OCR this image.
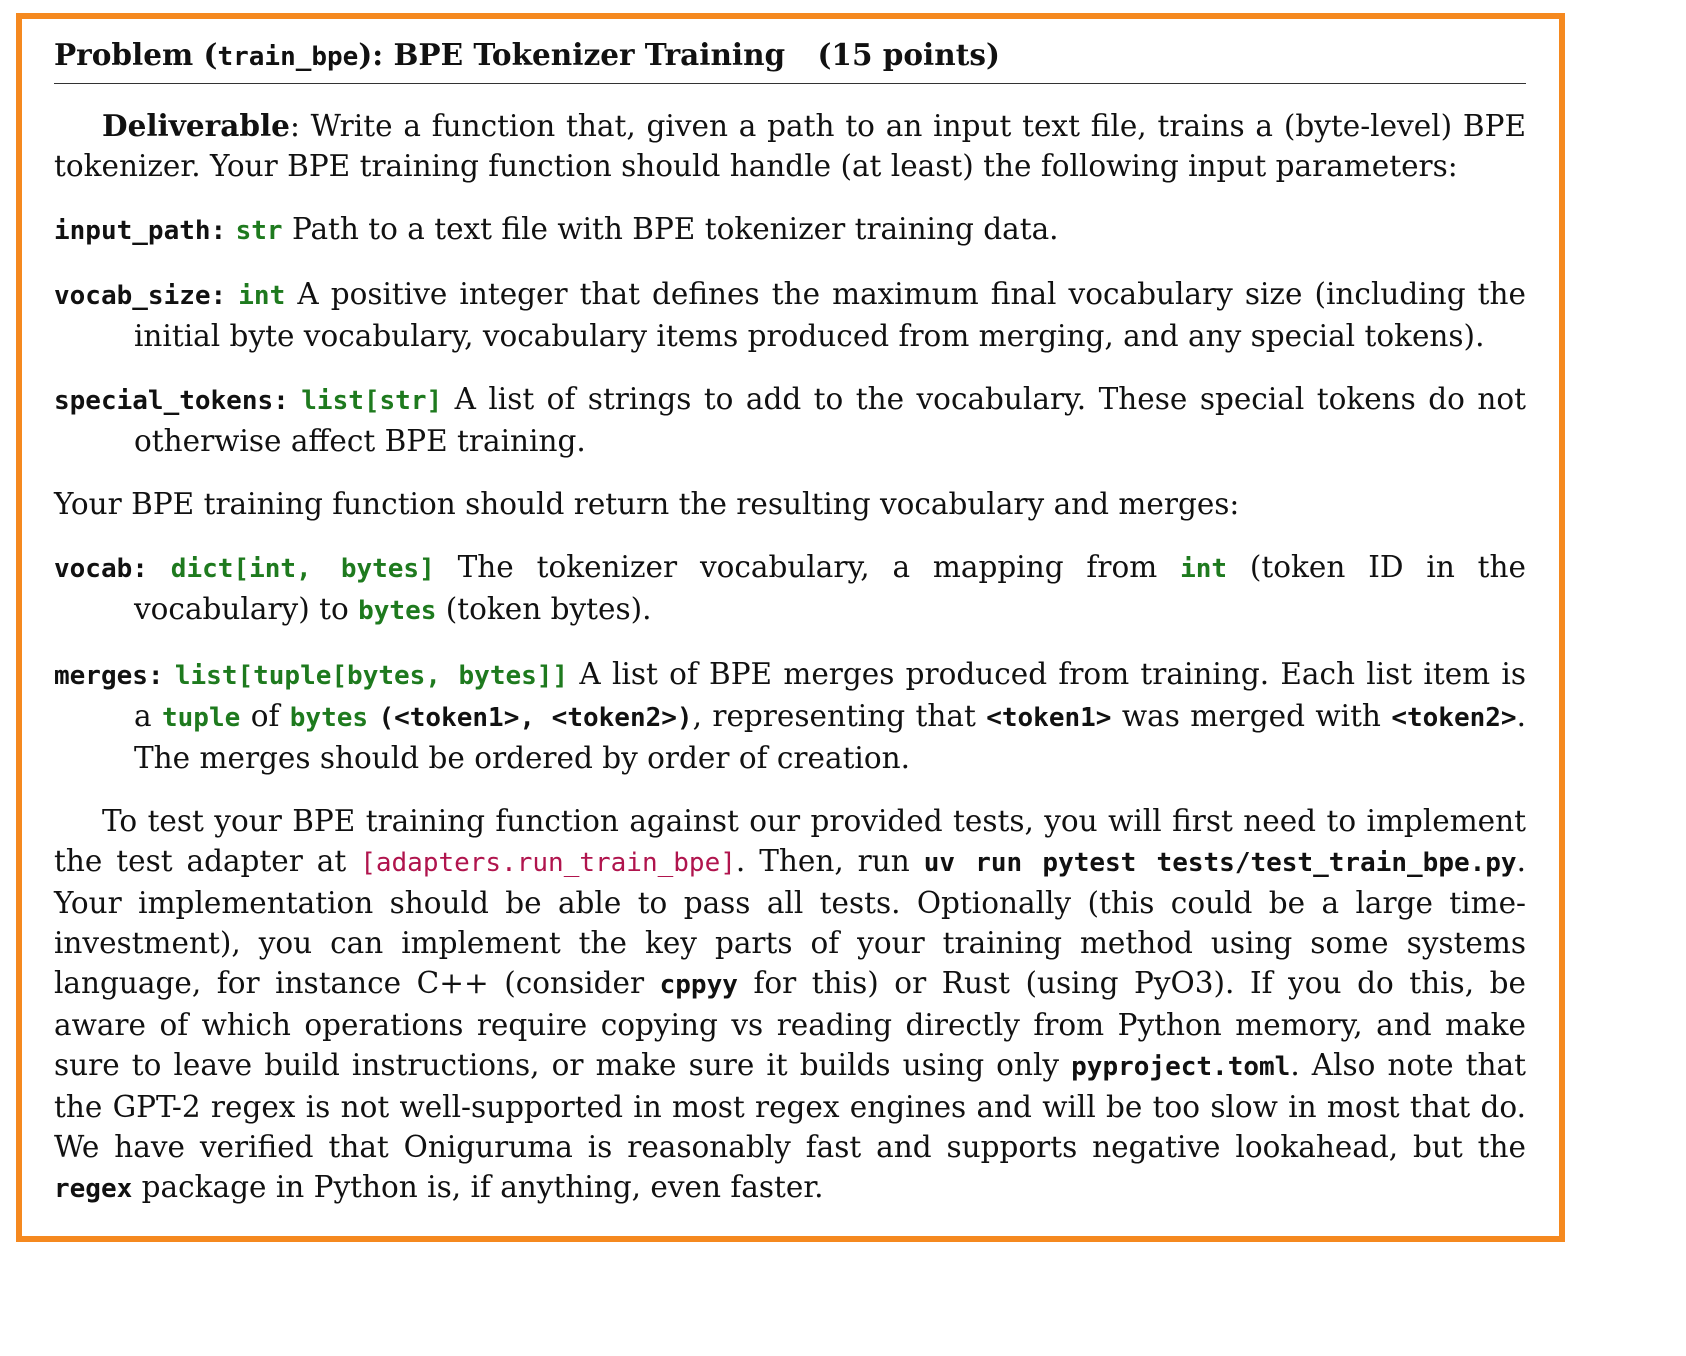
Problem (train_bpe): BPE Tokenizer Training (15 points)

Deliverable: Write a function that, given a path to an input text file, trains a (byte-level) BPE tokenizer. Your BPE training function should handle (at least) the following input parameters:

input_path: str Path to a text file with BPE tokenizer training data.

vocab_size: int A positive integer that defines the maximum final vocabulary size (including the initial byte vocabulary, vocabulary items produced from merging, and any special tokens).

special_tokens: list[str] A list of strings to add to the vocabulary. These special tokens do not otherwise affect BPE training.

Your BPE training function should return the resulting vocabulary and merges:

vocab: dict[int, bytes] The tokenizer vocabulary, a mapping from int (token ID in the vocabulary) to bytes (token bytes).

merges: list[tuple[bytes, bytes]] A list of BPE merges produced from training. Each list item is a tuple of bytes (<token1>, <token2>), representing that <token1> was merged with <token2>. The merges should be ordered by order of creation.

To test your BPE training function against our provided tests, you will first need to implement the test adapter at [adapters.run_train_bpe]. Then, run uv run pytest tests/test_train_bpe.py. Your implementation should be able to pass all tests. Optionally (this could be a large time-investment), you can implement the key parts of your training method using some systems language, for instance C++ (consider cppyy for this) or Rust (using PyO3). If you do this, be aware of which operations require copying vs reading directly from Python memory, and make sure to leave build instructions, or make sure it builds using only pyproject.toml. Also note that the GPT-2 regex is not well-supported in most regex engines and will be too slow in most that do. We have verified that Oniguruma is reasonably fast and supports negative lookahead, but the regex package in Python is, if anything, even faster.
